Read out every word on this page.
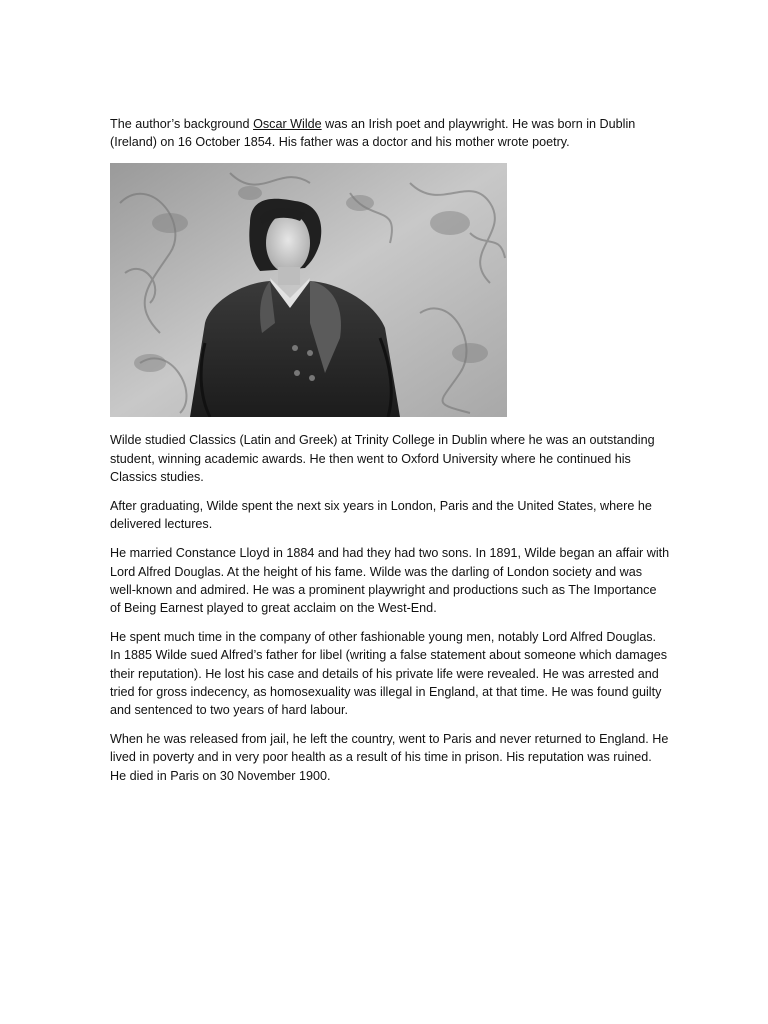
The author’s background Oscar Wilde was an Irish poet and playwright. He was born in Dublin (Ireland) on 16 October 1854. His father was a doctor and his mother wrote poetry.

Wilde studied Classics (Latin and Greek) at Trinity College in Dublin where he was an outstanding student, winning academic awards. He then went to Oxford University where he continued his Classics studies.

After graduating, Wilde spent the next six years in London, Paris and the United States, where he delivered lectures.

He married Constance Lloyd in 1884 and had they had two sons. In 1891, Wilde began an affair with Lord Alfred Douglas. At the height of his fame. Wilde was the darling of London society and was well-known and admired. He was a prominent playwright and productions such as The Importance of Being Earnest played to great acclaim on the West-End.

He spent much time in the company of other fashionable young men, notably Lord Alfred Douglas. In 1885 Wilde sued Alfred’s father for libel (writing a false statement about someone which damages their reputation). He lost his case and details of his private life were revealed. He was arrested and tried for gross indecency, as homosexuality was illegal in England, at that time. He was found guilty and sentenced to two years of hard labour.

When he was released from jail, he left the country, went to Paris and never returned to England. He lived in poverty and in very poor health as a result of his time in prison. His reputation was ruined. He died in Paris on 30 November 1900.
